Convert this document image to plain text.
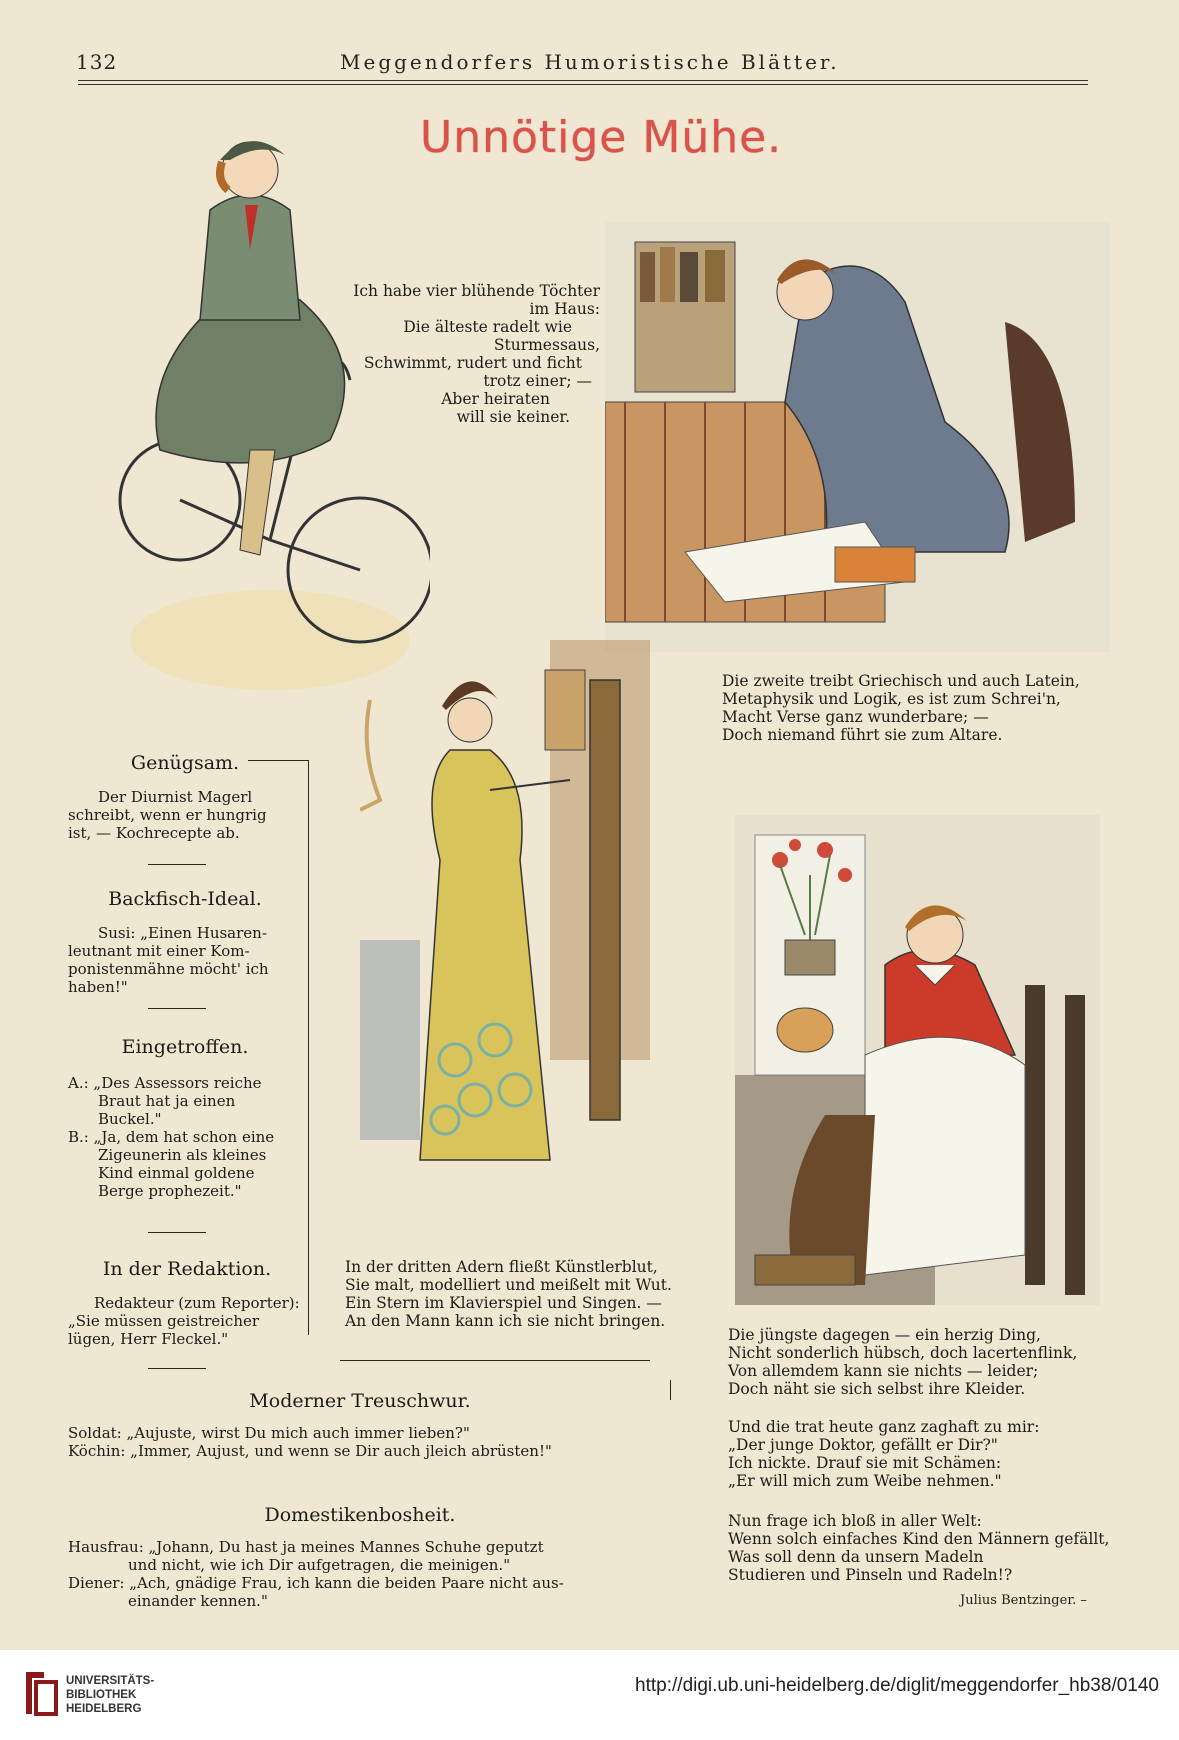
132	Meggendorfers Humoristische Blätter.
Unnötige Mühe.
Ich habe vier blühende Töchter
im Haus:
Die älteste radelt wie
Sturmessaus,
Schwimmt, rudert und ficht
trotz einer; —
Aber heiraten
will sie keiner.
Die zweite treibt Griechisch und auch Latein,
Metaphysik und Logik, es ist zum Schrei'n,
Macht Verse ganz wunderbare; —
Doch niemand führt sie zum Altare.
Genügsam.
Der Diurnist Magerl
schreibt, wenn er hungrig
ist, — Kochrecepte ab.
Backfisch-Ideal.
Susi: „Einen Husaren-
leutnant mit einer Kom-
ponistenmähne möcht' ich
haben!"
Eingetroffen.
A.: „Des Assessors reiche
Braut hat ja einen
Buckel."
B.: „Ja, dem hat schon eine
Zigeunerin als kleines
Kind einmal goldene
Berge prophezeit."
In der Redaktion.
Redakteur (zum Reporter):
„Sie müssen geistreicher
lügen, Herr Fleckel."
In der dritten Adern fließt Künstlerblut,
Sie malt, modelliert und meißelt mit Wut.
Ein Stern im Klavierspiel und Singen. —
An den Mann kann ich sie nicht bringen.
Die jüngste dagegen — ein herzig Ding,
Nicht sonderlich hübsch, doch lacertenflink,
Von allemdem kann sie nichts — leider;
Doch näht sie sich selbst ihre Kleider.
Und die trat heute ganz zaghaft zu mir:
„Der junge Doktor, gefällt er Dir?"
Ich nickte. Drauf sie mit Schämen:
„Er will mich zum Weibe nehmen."
Nun frage ich bloß in aller Welt:
Wenn solch einfaches Kind den Männern gefällt,
Was soll denn da unsern Madeln
Studieren und Pinseln und Radeln!?
Julius Bentzinger. –
Moderner Treuschwur.
Soldat: „Aujuste, wirst Du mich auch immer lieben?"
Köchin: „Immer, Aujust, und wenn se Dir auch jleich abrüsten!"
Domestikenbosheit.
Hausfrau: „Johann, Du hast ja meines Mannes Schuhe geputzt
und nicht, wie ich Dir aufgetragen, die meinigen."
Diener: „Ach, gnädige Frau, ich kann die beiden Paare nicht aus-
einander kennen."
UNIVERSITÄTS-
BIBLIOTHEK
HEIDELBERG
http://digi.ub.uni-heidelberg.de/diglit/meggendorfer_hb38/0140
